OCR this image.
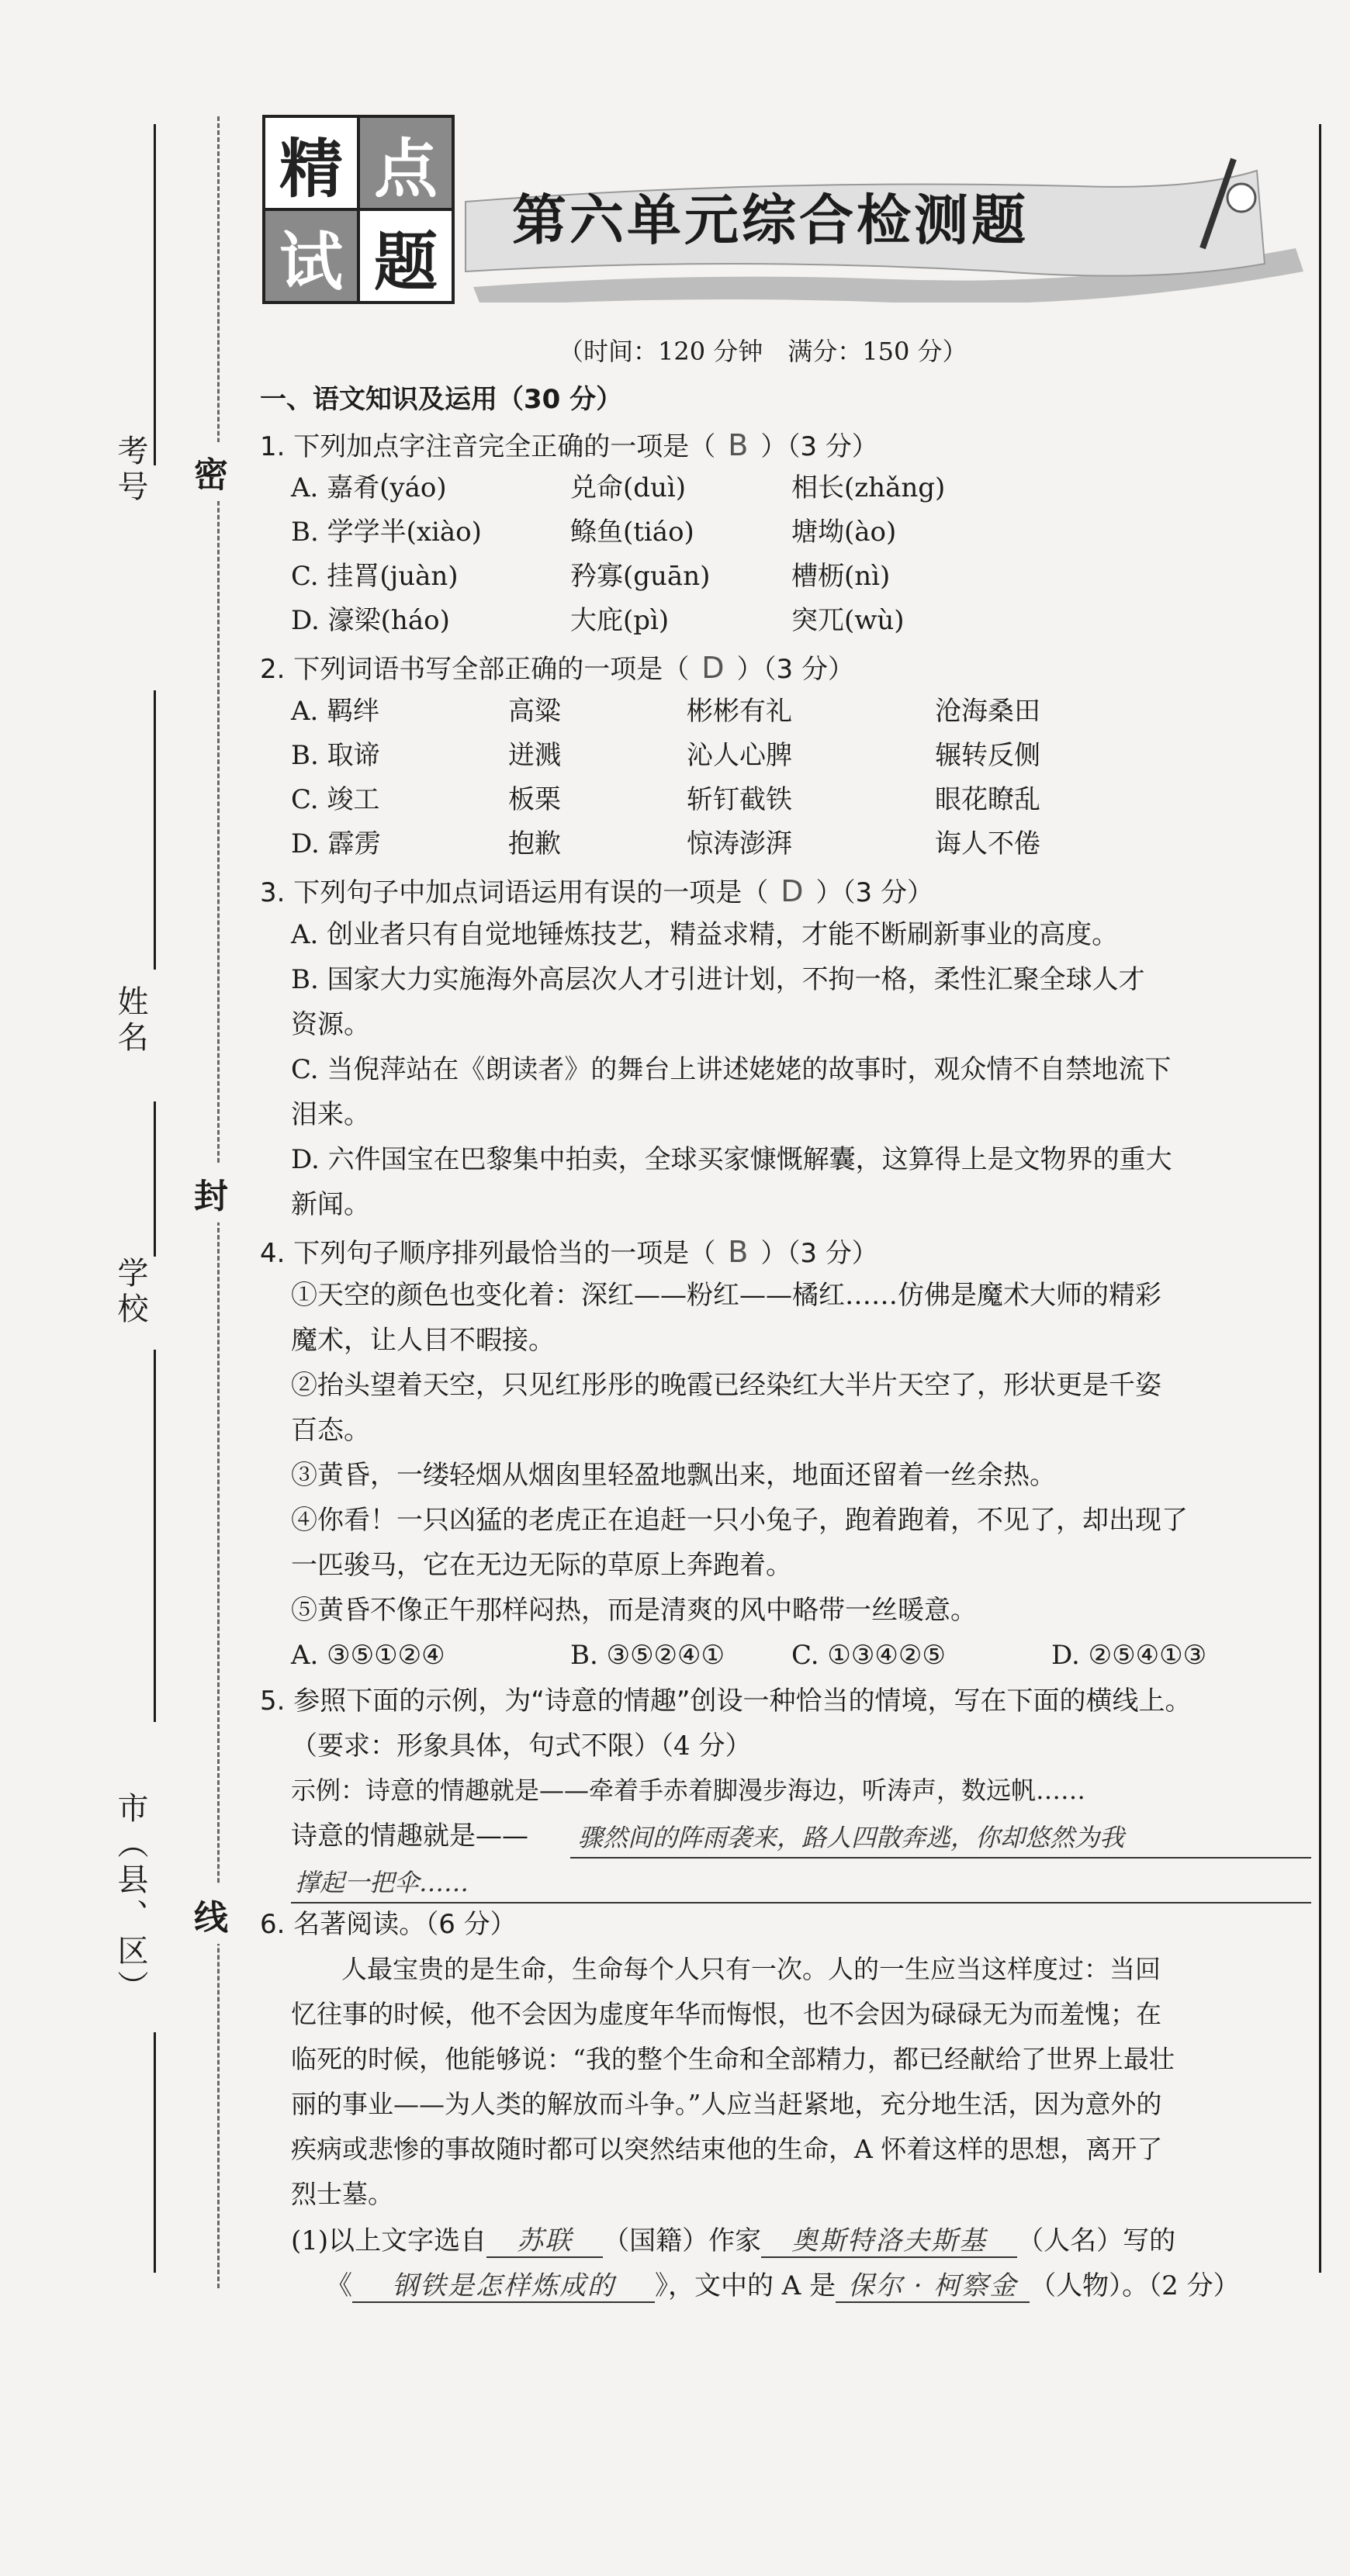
考号
姓名
学校
市（县、区）
密
封
线
精 点
试 题
第六单元综合检测题
（时间：120 分钟　满分：150 分）
一、语文知识及运用（30 分）
1. 下列加点字注音完全正确的一项是（ B ）（3 分）
A. 嘉肴(yáo)	兑命(duì)	相长(zhǎng)
B. 学学半(xiào)	鲦鱼(tiáo)	塘坳(ào)
C. 挂罥(juàn)	矜寡(guān)	槽枥(nì)
D. 濠梁(háo)	大庇(pì)	突兀(wù)
2. 下列词语书写全部正确的一项是（ D ）（3 分）
A. 羁绊	高粱	彬彬有礼	沧海桑田
B. 取谛	迸溅	沁人心脾	辗转反侧
C. 竣工	板栗	斩钉截铁	眼花瞭乱
D. 霹雳	抱歉	惊涛澎湃	诲人不倦
3. 下列句子中加点词语运用有误的一项是（ D ）（3 分）
A. 创业者只有自觉地锤炼技艺，精益求精，才能不断刷新事业的高度。
B. 国家大力实施海外高层次人才引进计划，不拘一格，柔性汇聚全球人才
资源。
C. 当倪萍站在《朗读者》的舞台上讲述姥姥的故事时，观众情不自禁地流下
泪来。
D. 六件国宝在巴黎集中拍卖，全球买家慷慨解囊，这算得上是文物界的重大
新闻。
4. 下列句子顺序排列最恰当的一项是（ B ）（3 分）
①天空的颜色也变化着：深红——粉红——橘红……仿佛是魔术大师的精彩
魔术，让人目不暇接。
②抬头望着天空，只见红彤彤的晚霞已经染红大半片天空了，形状更是千姿
百态。
③黄昏，一缕轻烟从烟囱里轻盈地飘出来，地面还留着一丝余热。
④你看！一只凶猛的老虎正在追赶一只小兔子，跑着跑着，不见了，却出现了
一匹骏马，它在无边无际的草原上奔跑着。
⑤黄昏不像正午那样闷热，而是清爽的风中略带一丝暖意。
A. ③⑤①②④	B. ③⑤②④①	C. ①③④②⑤	D. ②⑤④①③
5. 参照下面的示例，为“诗意的情趣”创设一种恰当的情境，写在下面的横线上。
（要求：形象具体，句式不限）（4 分）
示例：诗意的情趣就是——牵着手赤着脚漫步海边，听涛声，数远帆……
诗意的情趣就是—— 骤然间的阵雨袭来，路人四散奔逃，你却悠然为我
撑起一把伞……
6. 名著阅读。（6 分）
人最宝贵的是生命，生命每个人只有一次。人的一生应当这样度过：当回
忆往事的时候，他不会因为虚度年华而悔恨，也不会因为碌碌无为而羞愧；在
临死的时候，他能够说：“我的整个生命和全部精力，都已经献给了世界上最壮
丽的事业——为人类的解放而斗争。”人应当赶紧地，充分地生活，因为意外的
疾病或悲惨的事故随时都可以突然结束他的生命，A 怀着这样的思想，离开了
烈士墓。
(1)以上文字选自 苏联 （国籍）作家 奥斯特洛夫斯基 （人名）写的
《 钢铁是怎样炼成的 》，文中的 A 是 保尔 · 柯察金 （人物）。（2 分）
